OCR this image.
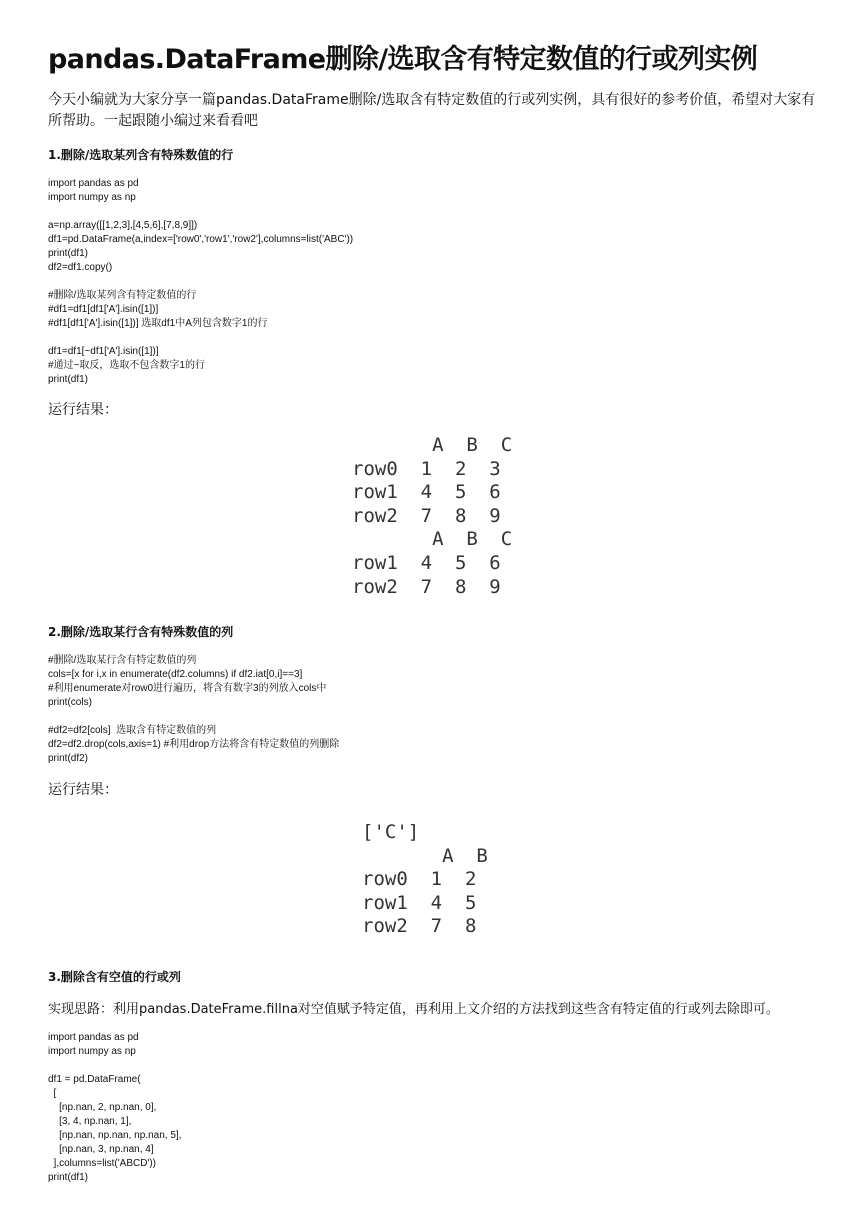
pandas.DataFrame删除/选取含有特定数值的行或列实例

今天小编就为大家分享一篇pandas.DataFrame删除/选取含有特定数值的行或列实例，具有很好的参考价值，希望对大家有所帮助。一起跟随小编过来看看吧

1.删除/选取某列含有特殊数值的行
import pandas as pd
import numpy as np

a=np.array([[1,2,3],[4,5,6],[7,8,9]])
df1=pd.DataFrame(a,index=['row0','row1','row2'],columns=list('ABC'))
print(df1)
df2=df1.copy()

#删除/选取某列含有特定数值的行
#df1=df1[df1['A'].isin([1])]
#df1[df1['A'].isin([1])] 选取df1中A列包含数字1的行

df1=df1[~df1['A'].isin([1])]
#通过~取反，选取不包含数字1的行
print(df1)

运行结果：

A  B  C
row0  1  2  3
row1  4  5  6
row2  7  8  9
A  B  C
row1  4  5  6
row2  7  8  9
2.删除/选取某行含有特殊数值的列
#删除/选取某行含有特定数值的列
cols=[x for i,x in enumerate(df2.columns) if df2.iat[0,i]==3]
#利用enumerate对row0进行遍历，将含有数字3的列放入cols中
print(cols)

#df2=df2[cols]  选取含有特定数值的列
df2=df2.drop(cols,axis=1) #利用drop方法将含有特定数值的列删除
print(df2)

运行结果：

['C']
A  B
row0  1  2
row1  4  5
row2  7  8
3.删除含有空值的行或列

实现思路：利用pandas.DateFrame.fillna对空值赋予特定值，再利用上文介绍的方法找到这些含有特定值的行或列去除即可。

import pandas as pd
import numpy as np

df1 = pd.DataFrame(
[
[np.nan, 2, np.nan, 0],
[3, 4, np.nan, 1],
[np.nan, np.nan, np.nan, 5],
[np.nan, 3, np.nan, 4]
],columns=list('ABCD'))
print(df1)
